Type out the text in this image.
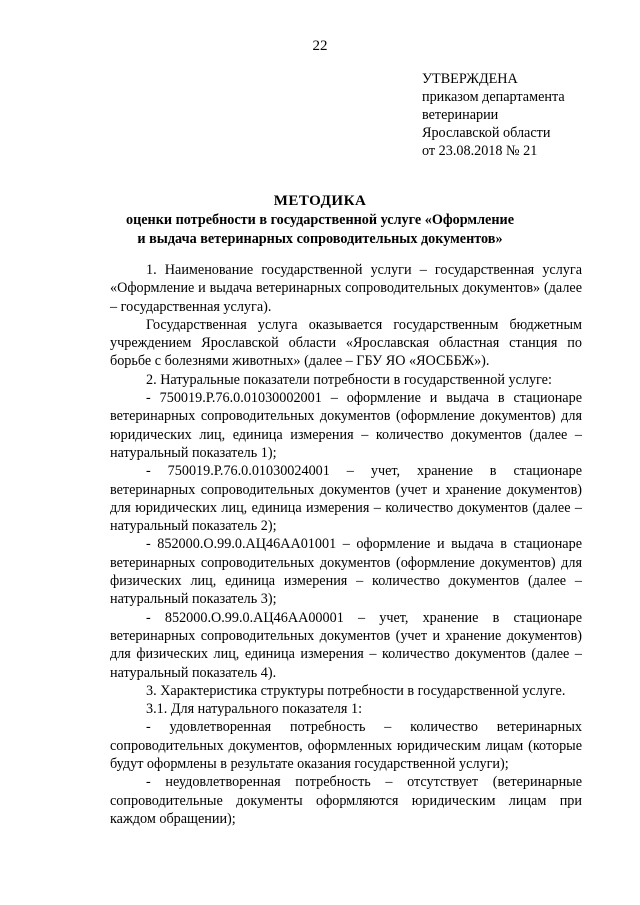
22
УТВЕРЖДЕНА
приказом департамента
ветеринарии
Ярославской области
от 23.08.2018 № 21
МЕТОДИКА
оценки потребности в государственной услуге «Оформление
и выдача ветеринарных сопроводительных документов»

1. Наименование государственной услуги – государственная услуга «Оформление и выдача ветеринарных сопроводительных документов» (далее – государственная услуга).

Государственная услуга оказывается государственным бюджетным учреждением Ярославской области «Ярославская областная станция по борьбе с болезнями животных» (далее – ГБУ ЯО «ЯОСББЖ»).

2. Натуральные показатели потребности в государственной услуге:

- 750019.Р.76.0.01030002001 – оформление и выдача в стационаре ветеринарных сопроводительных документов (оформление документов) для юридических лиц, единица измерения – количество документов (далее – натуральный показатель 1);

- 750019.Р.76.0.01030024001 – учет, хранение в стационаре ветеринарных сопроводительных документов (учет и хранение документов) для юридических лиц, единица измерения – количество документов (далее – натуральный показатель 2);

- 852000.О.99.0.АЦ46АА01001 – оформление и выдача в стационаре ветеринарных сопроводительных документов (оформление документов) для физических лиц, единица измерения – количество документов (далее – натуральный показатель 3);

- 852000.О.99.0.АЦ46АА00001 – учет, хранение в стационаре ветеринарных сопроводительных документов (учет и хранение документов) для физических лиц, единица измерения – количество документов (далее – натуральный показатель 4).

3. Характеристика структуры потребности в государственной услуге.

3.1. Для натурального показателя 1:

- удовлетворенная потребность – количество ветеринарных сопроводительных документов, оформленных юридическим лицам (которые будут оформлены в результате оказания государственной услуги);

- неудовлетворенная потребность – отсутствует (ветеринарные сопроводительные документы оформляются юридическим лицам при каждом обращении);
